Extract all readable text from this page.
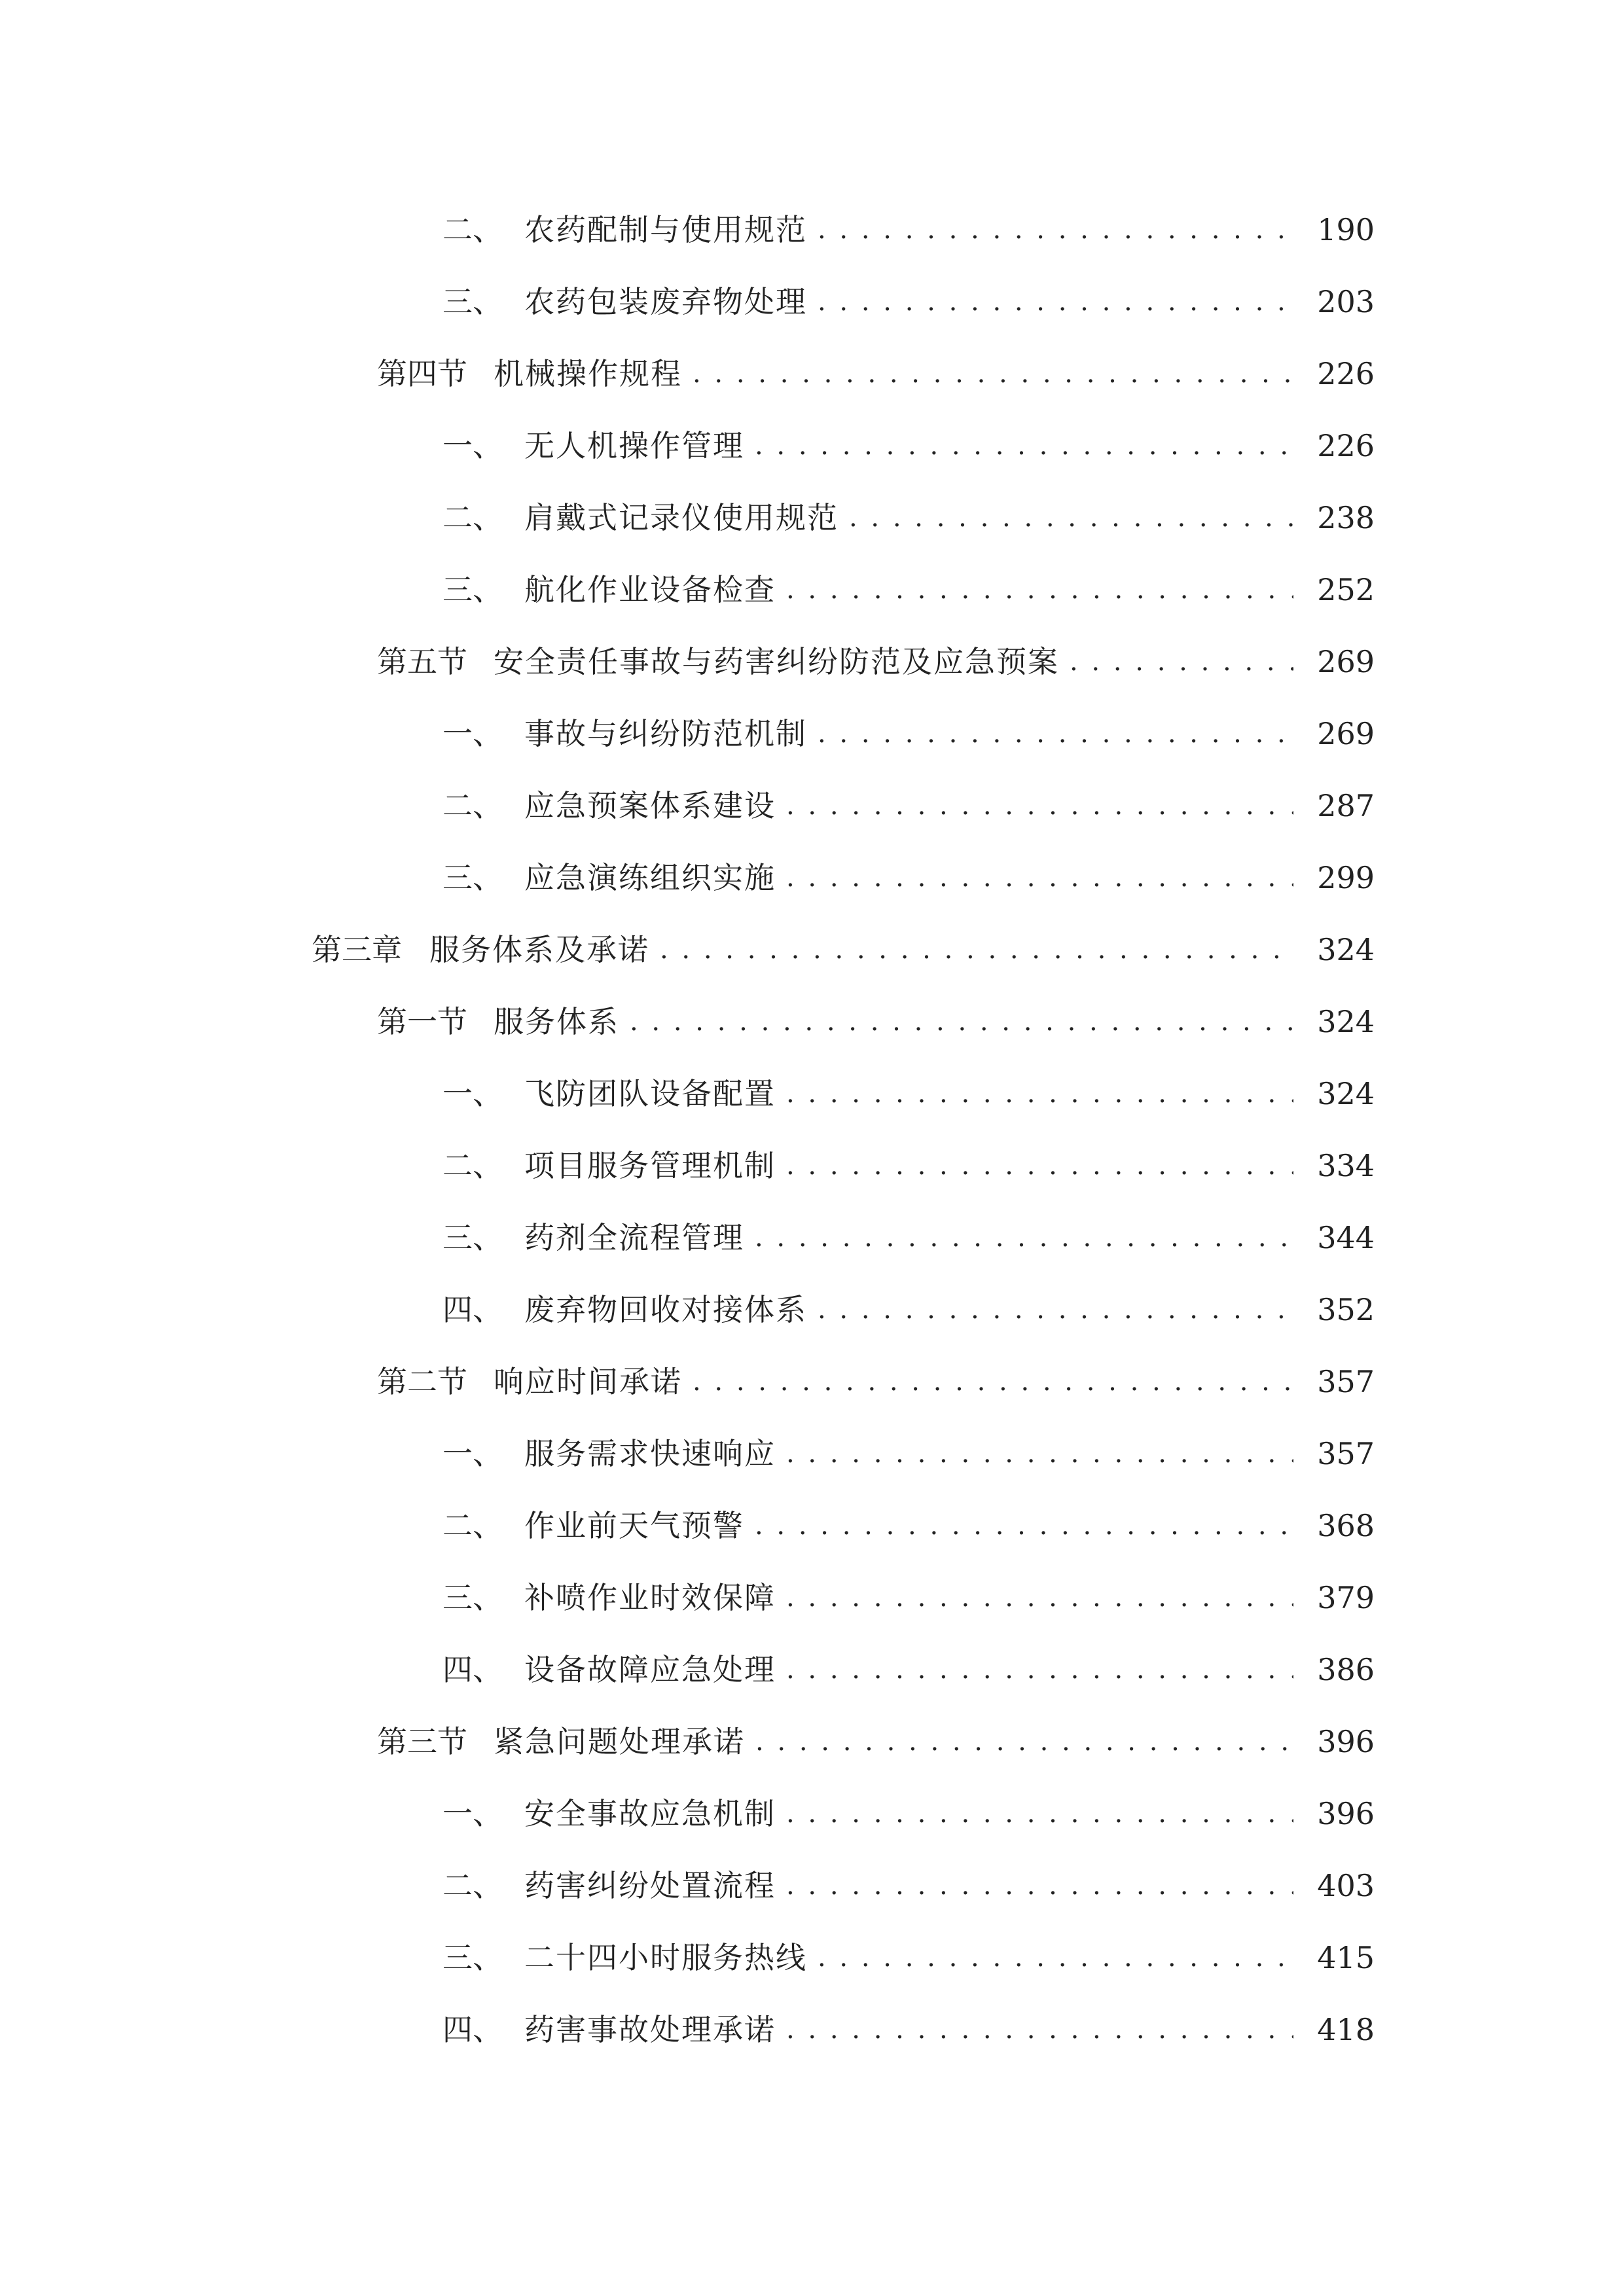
二、 农药配制与使用规范 . . .	190
三、 农药包装废弃物处理 . . .	203
第四节 机械操作规程 . . .	226
一、 无人机操作管理 . . .	226
二、 肩戴式记录仪使用规范 . . .	238
三、 航化作业设备检查 . . .	252
第五节 安全责任事故与药害纠纷防范及应急预案 . . .	269
一、 事故与纠纷防范机制 . . .	269
二、 应急预案体系建设 . . .	287
三、 应急演练组织实施 . . .	299
第三章 服务体系及承诺 . . .	324
第一节 服务体系 . . .	324
一、 飞防团队设备配置 . . .	324
二、 项目服务管理机制 . . .	334
三、 药剂全流程管理 . . .	344
四、 废弃物回收对接体系 . . .	352
第二节 响应时间承诺 . . .	357
一、 服务需求快速响应 . . .	357
二、 作业前天气预警 . . .	368
三、 补喷作业时效保障 . . .	379
四、 设备故障应急处理 . . .	386
第三节 紧急问题处理承诺 . . .	396
一、 安全事故应急机制 . . .	396
二、 药害纠纷处置流程 . . .	403
三、 二十四小时服务热线 . . .	415
四、 药害事故处理承诺 . . .	418
